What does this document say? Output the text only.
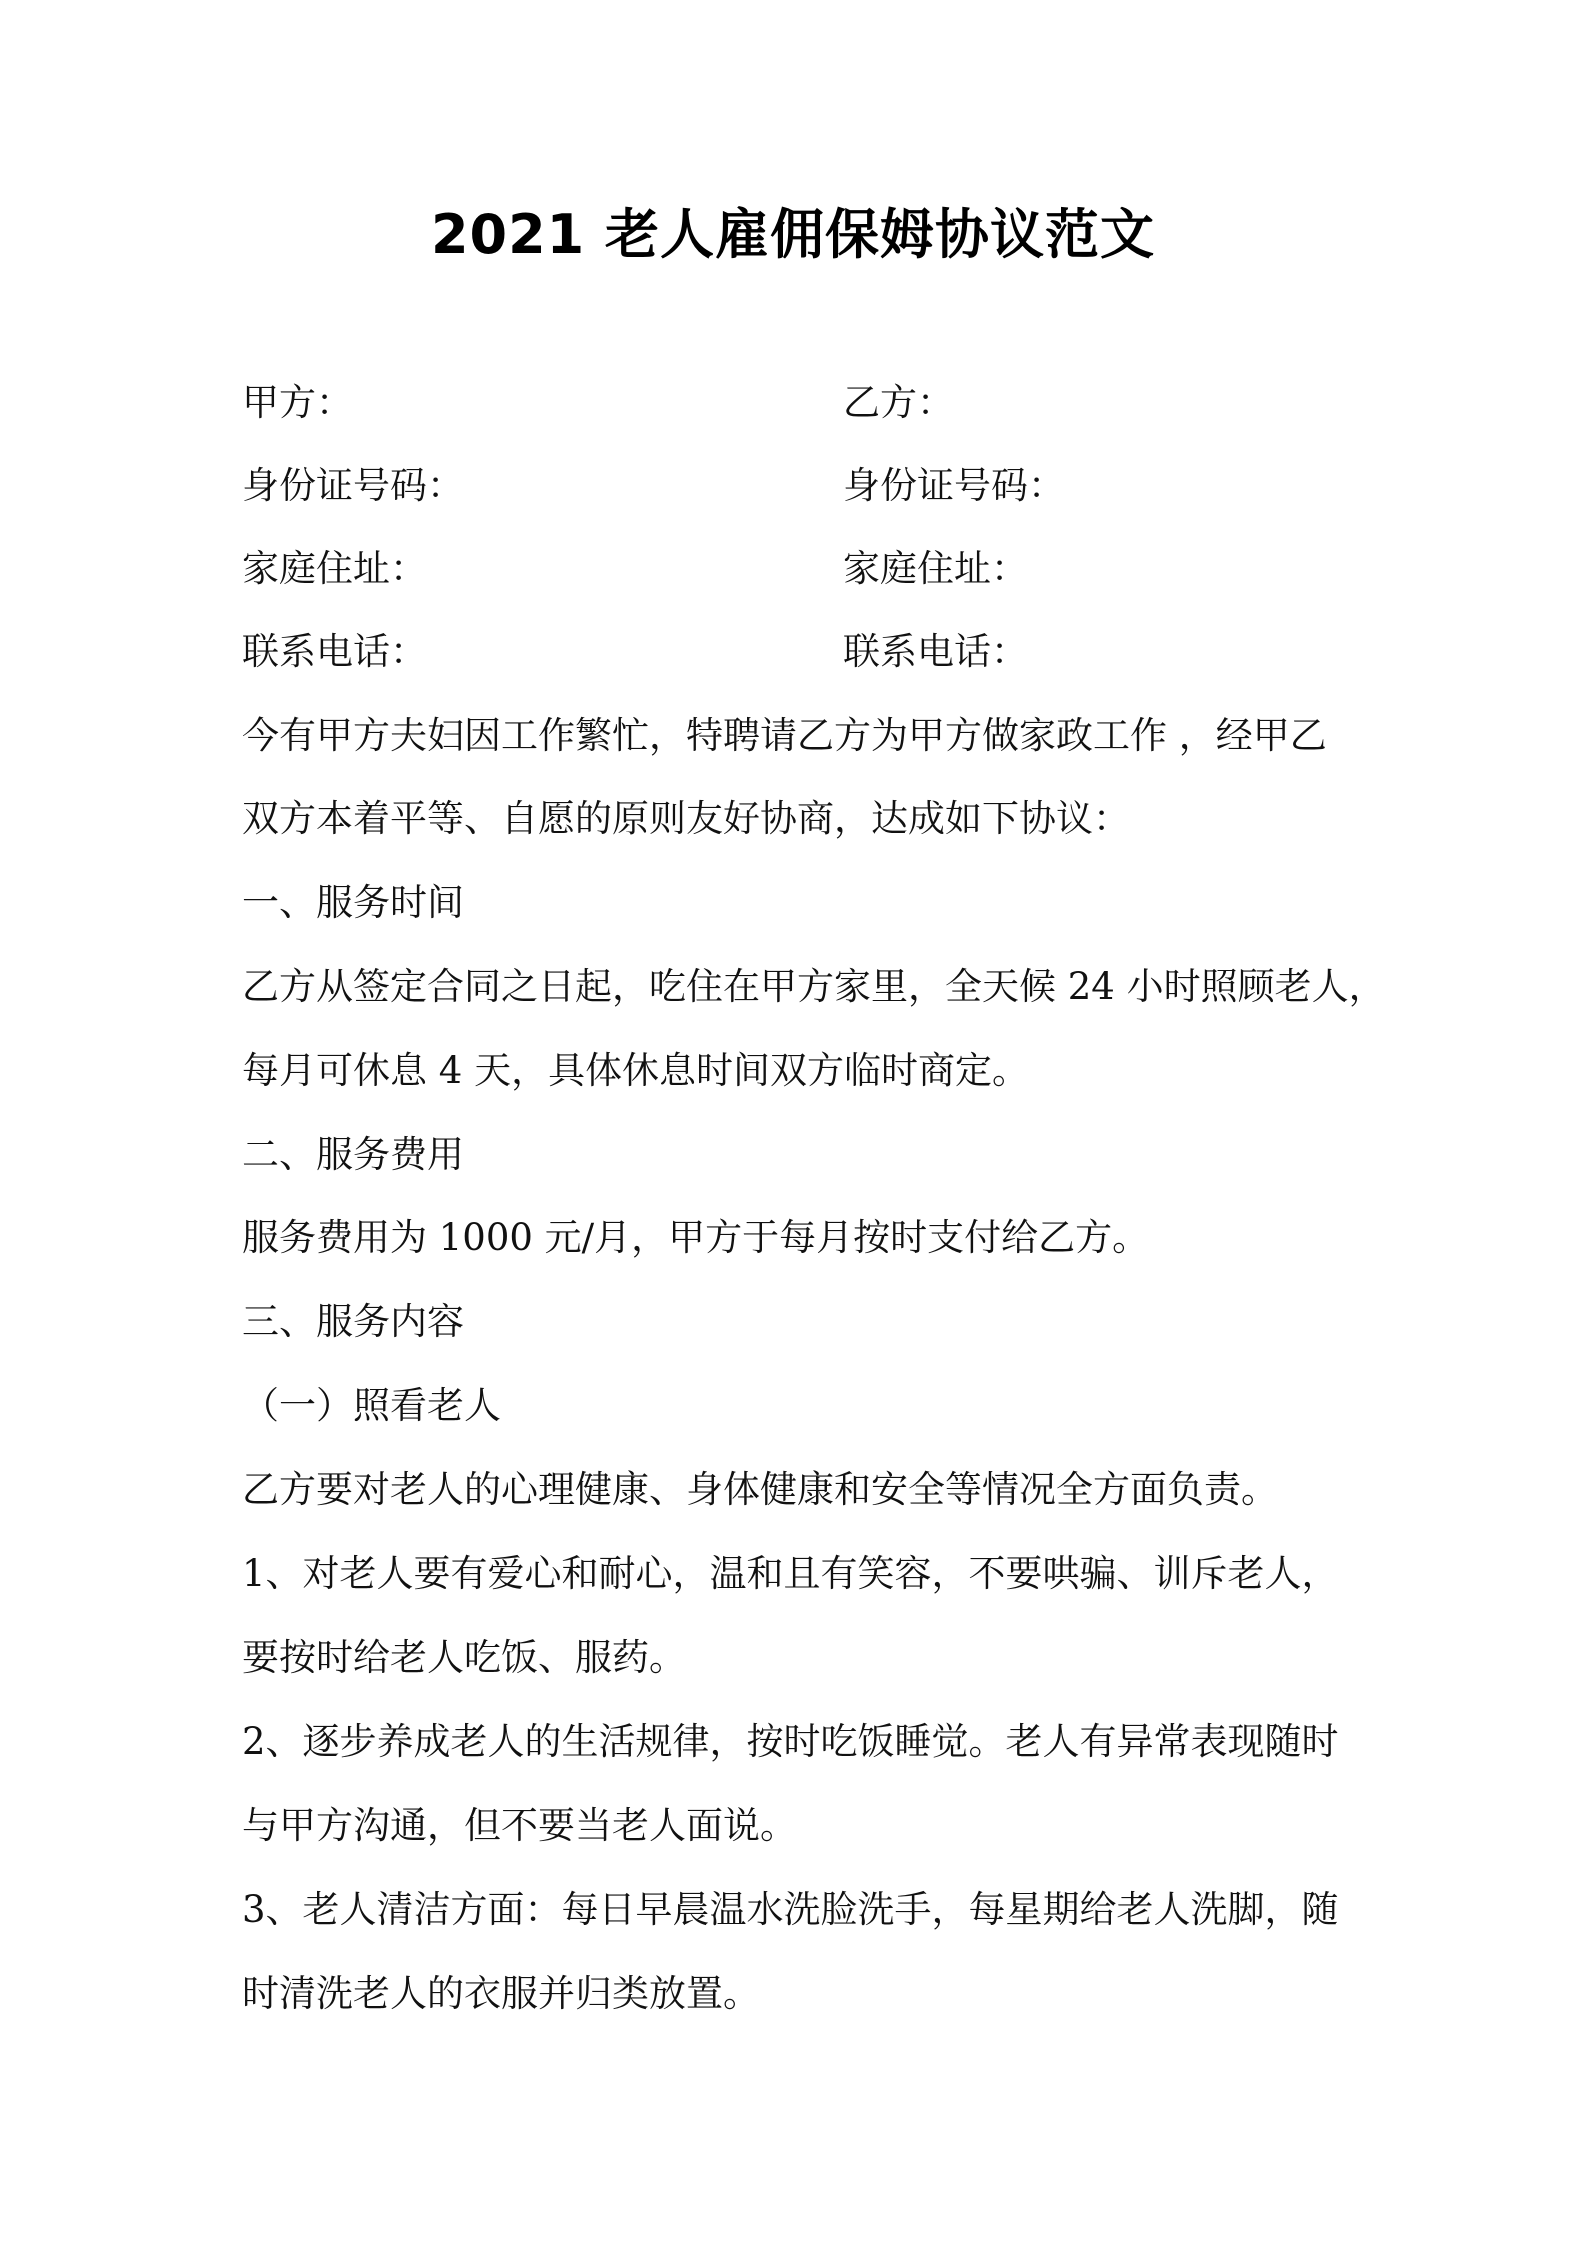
2021 老人雇佣保姆协议范文
甲方：	乙方：
身份证号码：	身份证号码：
家庭住址：	家庭住址：
联系电话：	联系电话：
今有甲方夫妇因工作繁忙，特聘请乙方为甲方做家政工作 ，经甲乙
双方本着平等、自愿的原则友好协商，达成如下协议：
一、服务时间
乙方从签定合同之日起，吃住在甲方家里，全天候 24 小时照顾老人，
每月可休息 4 天，具体休息时间双方临时商定。
二、服务费用
服务费用为 1000 元/月，甲方于每月按时支付给乙方。
三、服务内容
（一）照看老人
乙方要对老人的心理健康、身体健康和安全等情况全方面负责。
1、对老人要有爱心和耐心，温和且有笑容，不要哄骗、训斥老人，
要按时给老人吃饭、服药。
2、逐步养成老人的生活规律，按时吃饭睡觉。老人有异常表现随时
与甲方沟通，但不要当老人面说。
3、老人清洁方面：每日早晨温水洗脸洗手，每星期给老人洗脚，随
时清洗老人的衣服并归类放置。
